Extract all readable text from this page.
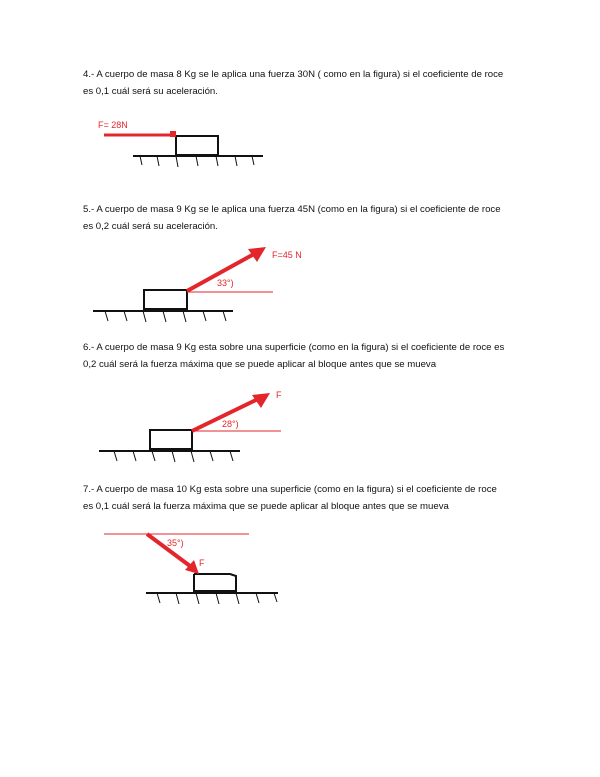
4.- A cuerpo de masa 8 Kg se le aplica una fuerza 30N ( como en la figura) si el coeficiente de roce
es 0,1 cuál será su aceleración.
F= 28N
5.- A cuerpo de masa 9 Kg se le aplica una fuerza 45N (como en la figura) si el coeficiente de roce
es 0,2 cuál será su aceleración.
F=45 N
33°)
6.- A cuerpo de masa 9 Kg esta sobre una superficie (como en la figura) si el coeficiente de roce es
0,2 cuál será la fuerza máxima que se puede aplicar al bloque antes que se mueva
F
28°)
7.- A cuerpo de masa 10 Kg esta sobre una superficie (como en la figura) si el coeficiente de roce
es 0,1 cuál será la fuerza máxima que se puede aplicar al bloque antes que se mueva
F
35°)
